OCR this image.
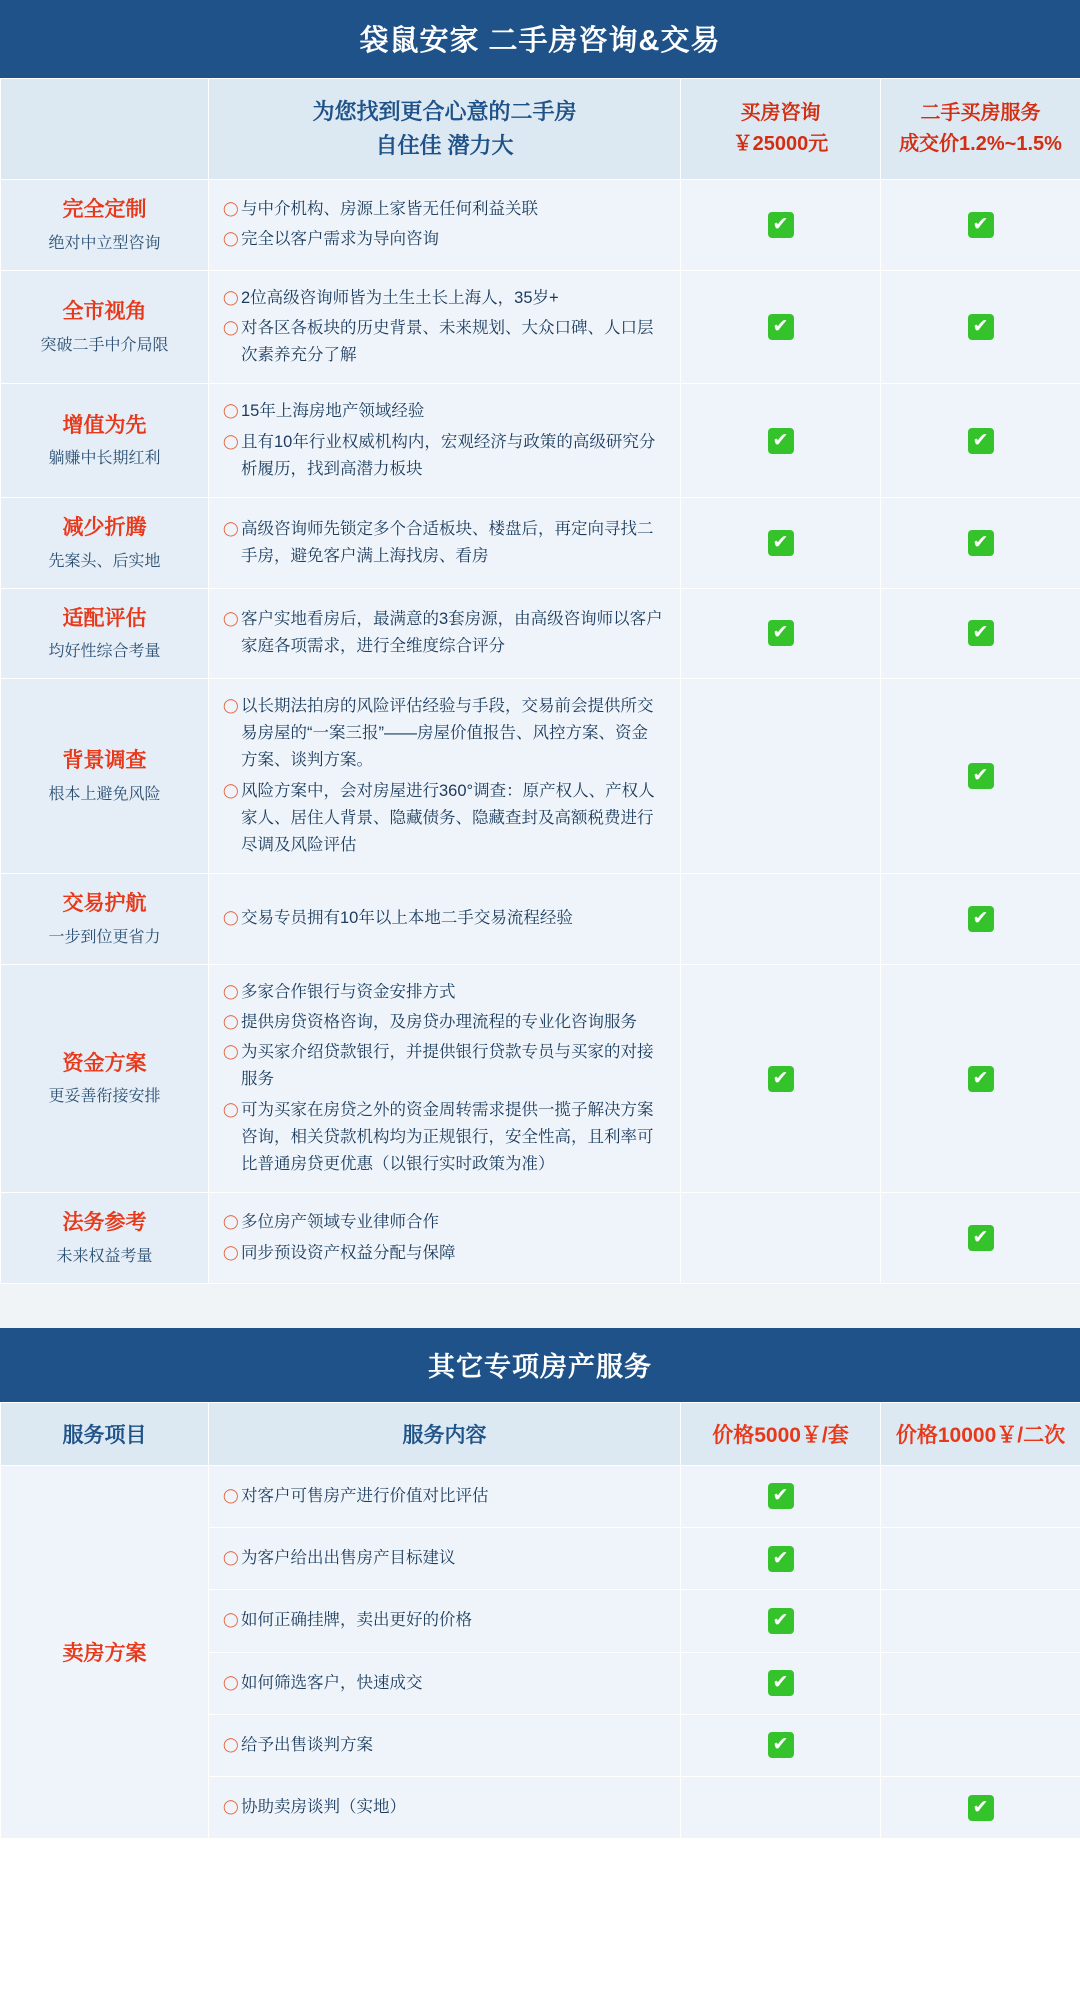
袋鼠安家 二手房咨询&交易

为您找到更合心意的二手房
自住佳 潜力大

买房咨询
￥25000元

二手买房服务
成交价1.2%~1.5%

完全定制
绝对中立型咨询

◯ 与中介机构、房源上家皆无任何利益关联
◯ 完全以客户需求为导向咨询
	✔	✔

全市视角
突破二手中介局限

◯ 2位高级咨询师皆为土生土长上海人，35岁+
◯ 对各区各板块的历史背景、未来规划、大众口碑、人口层次素养充分了解
	✔	✔

增值为先
躺赚中长期红利

◯ 15年上海房地产领域经验
◯ 且有10年行业权威机构内，宏观经济与政策的高级研究分析履历，找到高潜力板块
	✔	✔

减少折腾
先案头、后实地

◯ 高级咨询师先锁定多个合适板块、楼盘后，再定向寻找二手房，避免客户满上海找房、看房
	✔	✔

适配评估
均好性综合考量

◯ 客户实地看房后，最满意的3套房源，由高级咨询师以客户家庭各项需求，进行全维度综合评分
	✔	✔

背景调查
根本上避免风险

◯ 以长期法拍房的风险评估经验与手段，交易前会提供所交易房屋的“一案三报”——房屋价值报告、风控方案、资金方案、谈判方案。
◯ 风险方案中，会对房屋进行360°调查：原产权人、产权人家人、居住人背景、隐藏债务、隐藏查封及高额税费进行尽调及风险评估
		✔

交易护航
一步到位更省力

◯ 交易专员拥有10年以上本地二手交易流程经验		✔

资金方案
更妥善衔接安排

◯ 多家合作银行与资金安排方式
◯ 提供房贷资格咨询，及房贷办理流程的专业化咨询服务
◯ 为买家介绍贷款银行，并提供银行贷款专员与买家的对接服务
◯ 可为买家在房贷之外的资金周转需求提供一揽子解决方案咨询，相关贷款机构均为正规银行，安全性高，且利率可比普通房贷更优惠（以银行实时政策为准）
	✔	✔

法务参考
未来权益考量

◯ 多位房产领域专业律师合作
◯ 同步预设资产权益分配与保障
		✔
其它专项房产服务
服务项目	服务内容	价格5000￥/套	价格10000￥/二次
卖房方案	◯ 对客户可售房产进行价值对比评估	✔	

	◯ 为客户给出出售房产目标建议	✔	

	◯ 如何正确挂牌，卖出更好的价格	✔	

	◯ 如何筛选客户，快速成交	✔	

	◯ 给予出售谈判方案	✔	

	◯ 协助卖房谈判（实地）		✔
